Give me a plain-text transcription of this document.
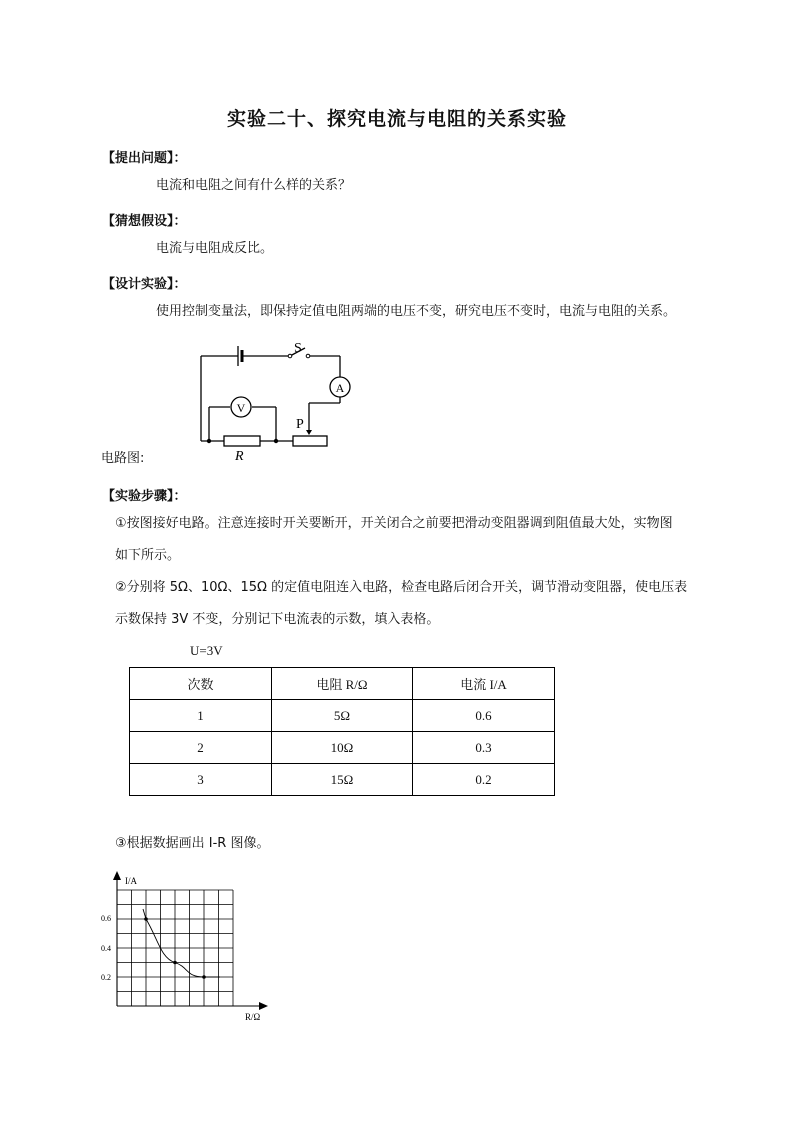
实验二十、探究电流与电阻的关系实验
【提出问题】：
电流和电阻之间有什么样的关系？
【猜想假设】：
电流与电阻成反比。
【设计实验】：
使用控制变量法，即保持定值电阻两端的电压不变，研究电压不变时，电流与电阻的关系。
S
A
V
R
P
电路图:
【实验步骤】：
①按图接好电路。注意连接时开关要断开，开关闭合之前要把滑动变阻器调到阻值最大处，实物图
如下所示。
②分别将 5Ω、10Ω、15Ω 的定值电阻连入电路，检查电路后闭合开关，调节滑动变阻器，使电压表
示数保持 3V 不变，分别记下电流表的示数，填入表格。
U=3V
次数	电阻 R/Ω	电流 I/A
1	5Ω	0.6
2	10Ω	0.3
3	15Ω	0.2
③根据数据画出 I-R 图像。
I/A
R/Ω
0.6
0.4
0.2
